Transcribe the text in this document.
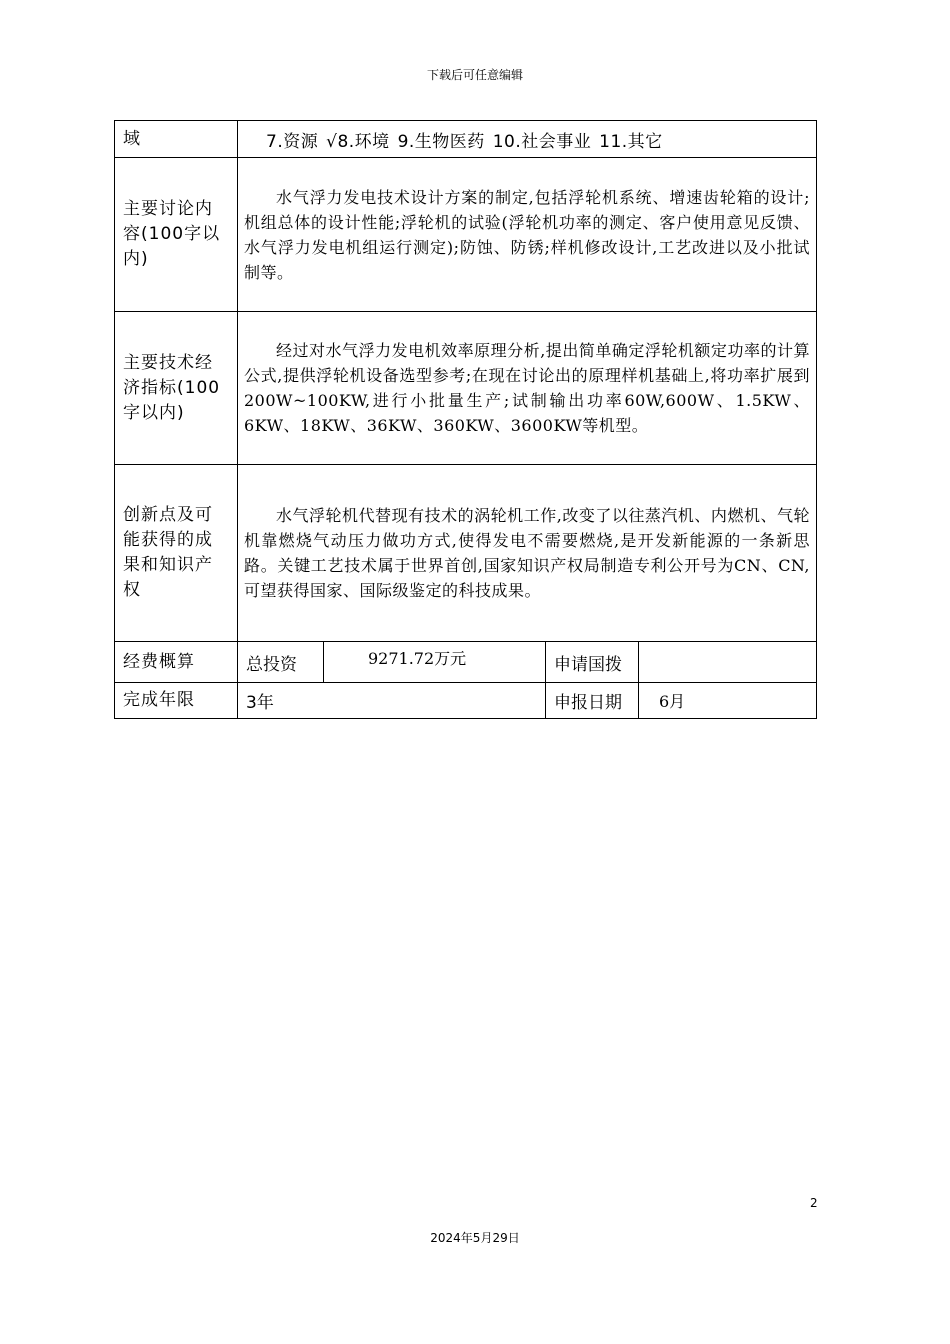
下载后可任意编辑
域	7.资源 √8.环境 9.生物医药 10.社会事业 11.其它			
主要讨论内容(100字以内)	水气浮力发电技术设计方案的制定,包括浮轮机系统、增速齿轮箱的设计;机组总体的设计性能;浮轮机的试验(浮轮机功率的测定、客户使用意见反馈、水气浮力发电机组运行测定);防蚀、防锈;样机修改设计,工艺改进以及小批试制等。			
主要技术经济指标(100字以内)	经过对水气浮力发电机效率原理分析,提出简单确定浮轮机额定功率的计算公式,提供浮轮机设备选型参考;在现在讨论出的原理样机基础上,将功率扩展到200W~100KW,进行小批量生产;试制输出功率60W,600W、1.5KW、6KW、18KW、36KW、360KW、3600KW等机型。			
创新点及可能获得的成果和知识产权	水气浮轮机代替现有技术的涡轮机工作,改变了以往蒸汽机、内燃机、气轮机靠燃烧气动压力做功方式,使得发电不需要燃烧,是开发新能源的一条新思路。关键工艺技术属于世界首创,国家知识产权局制造专利公开号为CN、CN,可望获得国家、国际级鉴定的科技成果。			
经费概算	总投资	9271.72万元	申请国拨	
完成年限	3年		申报日期	6月
2
2024年5月29日
